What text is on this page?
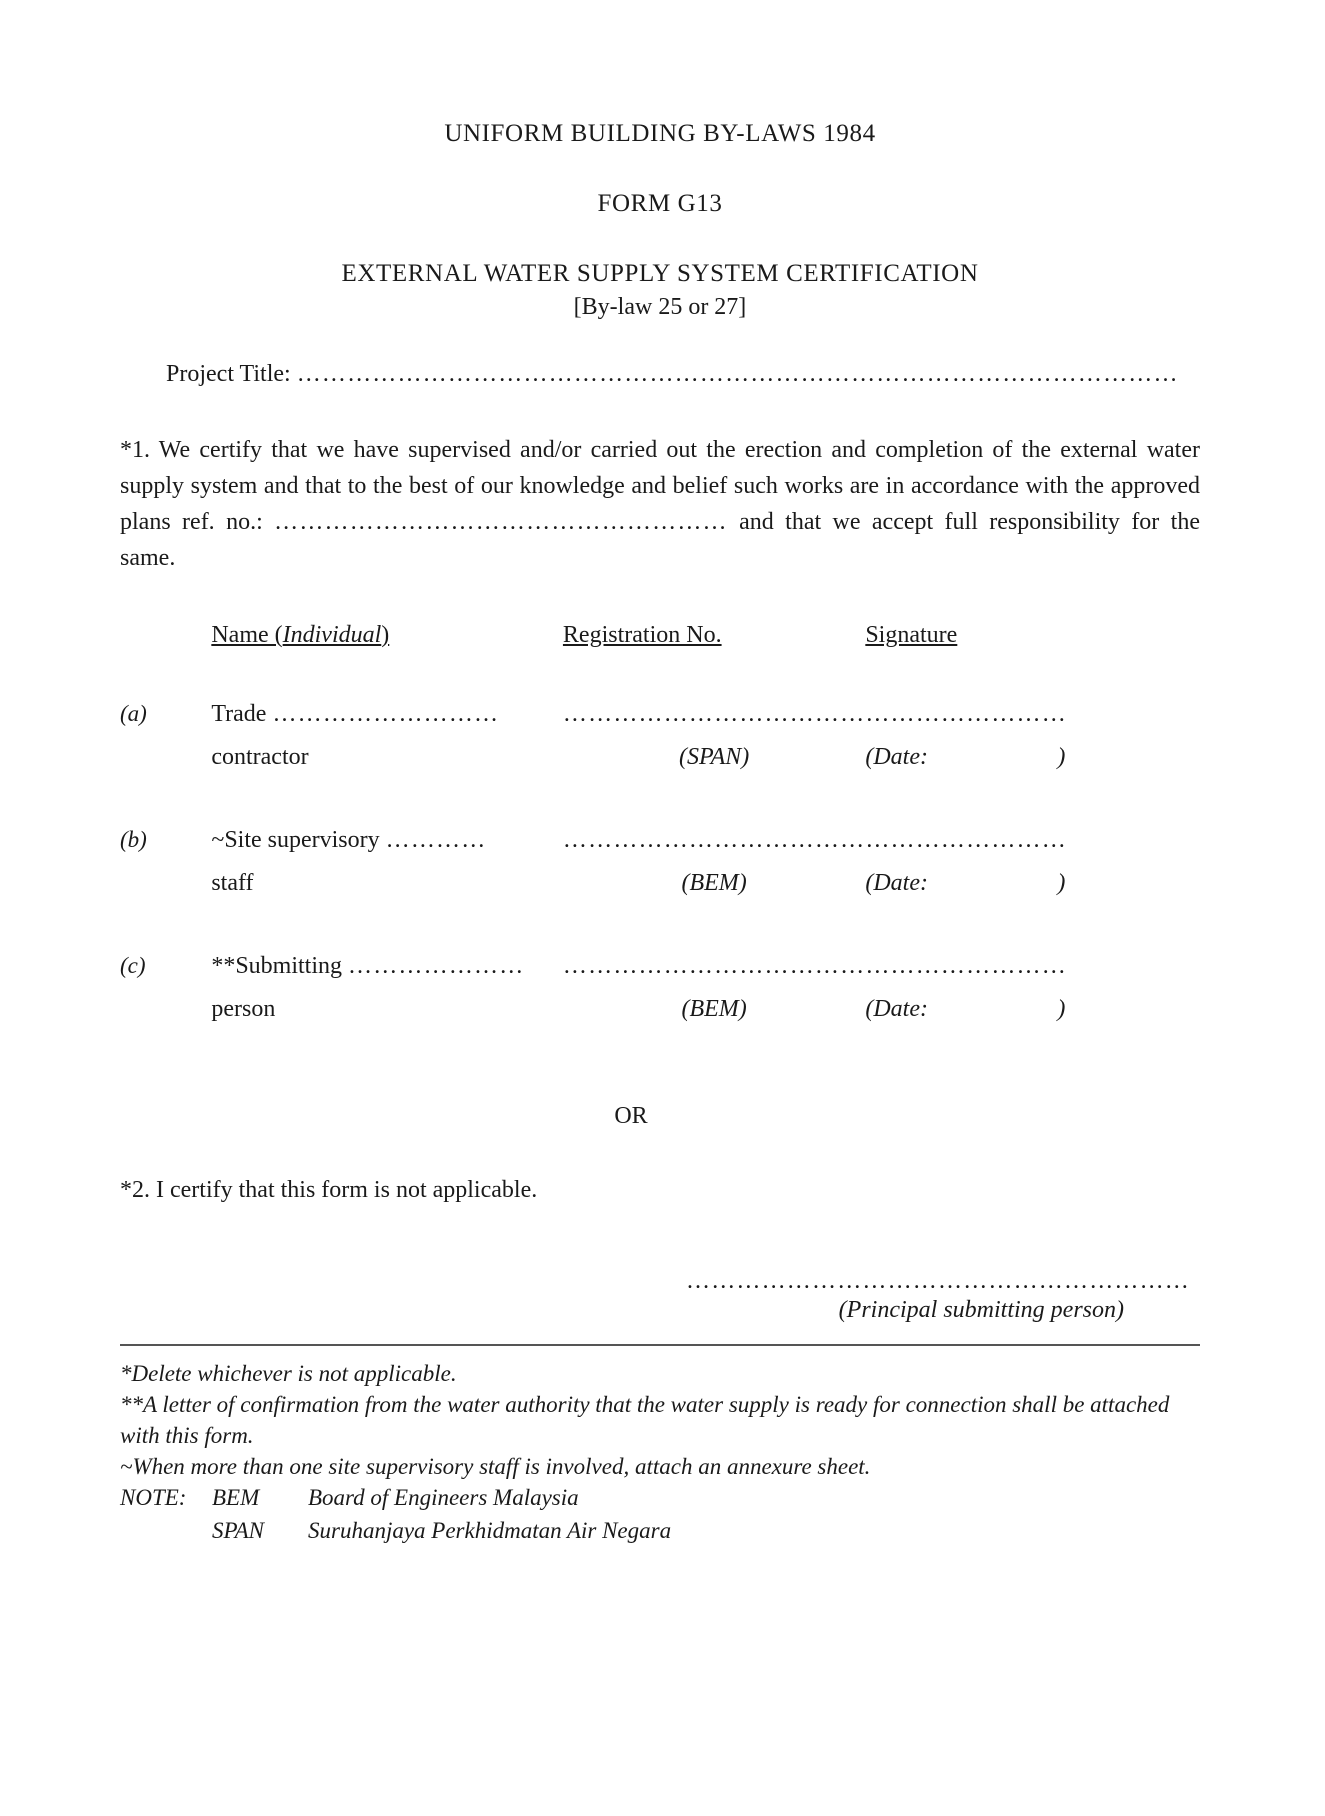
UNIFORM BUILDING BY-LAWS 1984
FORM G13
EXTERNAL WATER SUPPLY SYSTEM CERTIFICATION
[By-law 25 or 27]
Project Title: ……………………………………………………………………………………………

*1. We certify that we have supervised and/or carried out the erection and completion of the external water supply system and that to the best of our knowledge and belief such works are in accordance with the approved plans ref. no.: ……………………………………………… and that we accept full responsibility for the same.

	Name (Individual)	Registration No.	Signature
(a)	Trade ………………………	………………………………	……………………
	contractor	(SPAN)	(Date: )

(b)	~Site supervisory …………	………………………………	……………………
	staff	(BEM)	(Date: )

(c)	**Submitting …………………	………………………………	……………………
	person	(BEM)	(Date: )
OR

*2. I certify that this form is not applicable.

……………………………………………………
(Principal submitting person)

*Delete whichever is not applicable.

**A letter of confirmation from the water authority that the water supply is ready for connection shall be attached with this form.

~When more than one site supervisory staff is involved, attach an annexure sheet.

NOTE:	BEM	Board of Engineers Malaysia
	SPAN	Suruhanjaya Perkhidmatan Air Negara
